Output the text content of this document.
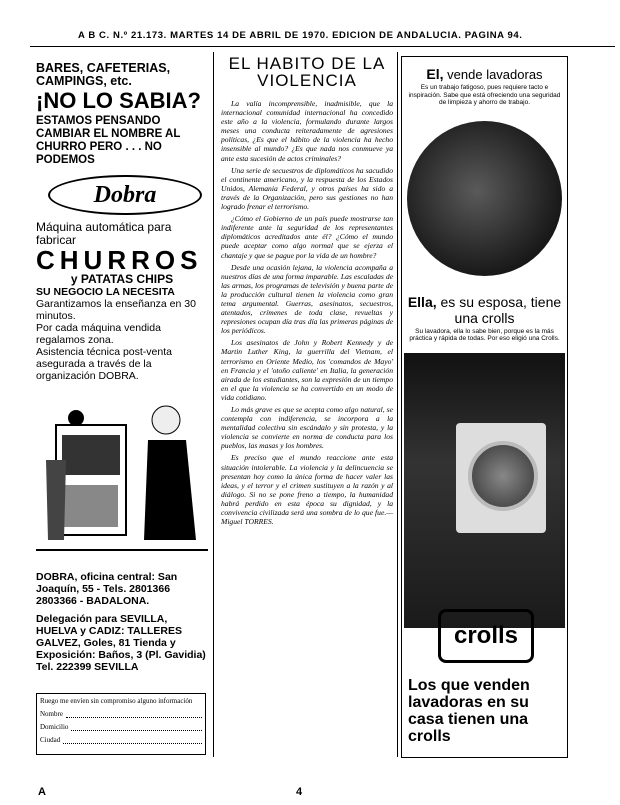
A B C. N.º 21.173. MARTES 14 DE ABRIL DE 1970. EDICION DE ANDALUCIA. PAGINA 94.
BARES, CAFETERIAS, CAMPINGS, etc.
¡NO LO SABIA?
ESTAMOS PENSANDO CAMBIAR EL NOMBRE AL CHURRO PERO . . . NO PODEMOS
Dobra
Máquina automática para fabricar
CHURROS
y PATATAS CHIPS
SU NEGOCIO LA NECESITA
Garantizamos la enseñanza en 30 minutos.
Por cada máquina vendida regalamos zona.
Asistencia técnica post-venta asegurada a través de la organización DOBRA.
DOBRA, oficina central: San Joaquín, 55 - Tels. 2801366 2803366 - BADALONA.
Delegación para SEVILLA, HUELVA y CADIZ: TALLERES GALVEZ, Goles, 81 Tienda y Exposición: Baños, 3 (Pl. Gavidia) Tel. 222399 SEVILLA
Ruego me envíen sin compromiso alguno información
Nombre
Domicilio
Ciudad
EL HABITO DE LA VIOLENCIA

La valía incomprensible, inadmisible, que la internacional comunidad internacional ha concedido este año a la violencia, formulando durante largos meses una conducta reiteradamente de agresiones políticas, ¿Es que el hábito de la violencia ha hecho insensible al mundo? ¿Es que nada nos conmueve ya ante esta sucesión de actos criminales?

Una serie de secuestros de diplomáticos ha sacudido el continente americano, y la respuesta de los Estados Unidos, Alemania Federal, y otros países ha sido a través de la Organización, pero sus gestiones no han logrado frenar el terrorismo.

¿Cómo el Gobierno de un país puede mostrarse tan indiferente ante la seguridad de los representantes diplomáticos acreditados ante él? ¿Cómo el mundo puede aceptar como algo normal que se ejerza el chantaje y que se pague por la vida de un hombre?

Desde una ocasión lejana, la violencia acompaña a nuestros días de una forma imparable. Las escaladas de las armas, los programas de televisión y buena parte de la producción cultural tienen la violencia como gran tema argumental. Guerras, asesinatos, secuestros, atentados, crímenes de toda clase, revueltas y represiones ocupan día tras día las primeras páginas de los periódicos.

Los asesinatos de John y Robert Kennedy y de Martin Luther King, la guerrilla del Vietnam, el terrorismo en Oriente Medio, los 'comandos de Mayo' en Francia y el 'otoño caliente' en Italia, la generación airada de los estudiantes, son la expresión de un tiempo en el que la violencia se ha convertido en un modo de vida cotidiano.

Lo más grave es que se acepta como algo natural, se contempla con indiferencia, se incorpora a la mentalidad colectiva sin escándalo y sin protesta, y la violencia se convierte en norma de conducta para los pueblos, las masas y los hombres.

Es preciso que el mundo reaccione ante esta situación intolerable. La violencia y la delincuencia se presentan hoy como la única forma de hacer valer las ideas, y el terror y el crimen sustituyen a la razón y al diálogo. Si no se pone freno a tiempo, la humanidad habrá perdido en esta época su dignidad, y la convivencia civilizada será una sombra de lo que fue.—Miguel TORRES.

El, vende lavadoras
Es un trabajo fatigoso, pues requiere tacto e inspiración. Sabe que está ofreciendo una seguridad de limpieza y ahorro de trabajo.
Ella, es su esposa, tiene una crolls
Su lavadora, ella lo sabe bien, porque es la más práctica y rápida de todas. Por eso eligió una Crolls.
crolls
Los que venden lavadoras en su casa tienen una crolls
A	4
